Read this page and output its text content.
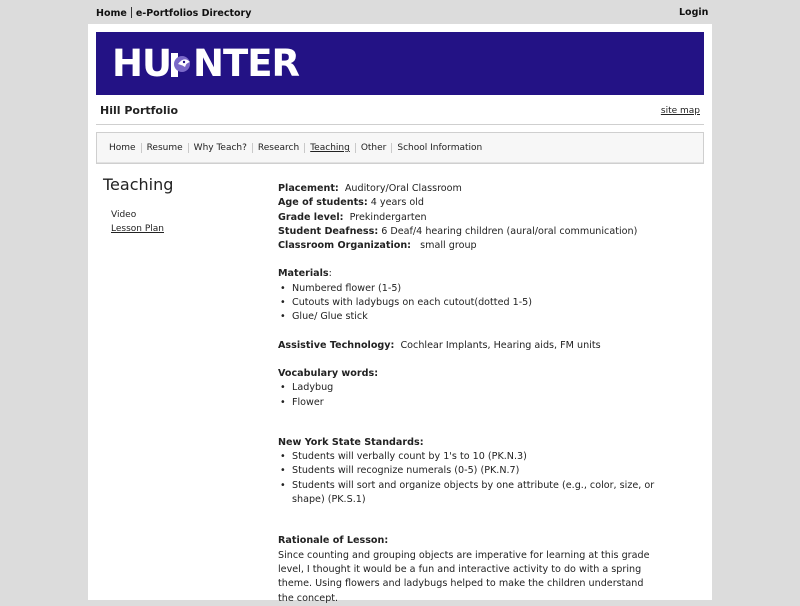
Home e-Portfolios Directory	Login
HU NTER
Hill Portfolio	site map
Home Resume Why Teach? Research Teaching Other School Information
Teaching
Video
Lesson Plan
Placement: Auditory/Oral Classroom
Age of students: 4 years old
Grade level: Prekindergarten
Student Deafness: 6 Deaf/4 hearing children (aural/oral communication)
Classroom Organization: small group
Materials:
• Numbered flower (1-5)
• Cutouts with ladybugs on each cutout(dotted 1-5)
• Glue/ Glue stick
Assistive Technology: Cochlear Implants, Hearing aids, FM units
Vocabulary words:
• Ladybug
• Flower
New York State Standards:
• Students will verbally count by 1's to 10 (PK.N.3)
• Students will recognize numerals (0-5) (PK.N.7)
• Students will sort and organize objects by one attribute (e.g., color, size, or shape) (PK.S.1)
Rationale of Lesson:
Since counting and grouping objects are imperative for learning at this grade level, I thought it would be a fun and interactive activity to do with a spring theme. Using flowers and ladybugs helped to make the children understand the concept.
